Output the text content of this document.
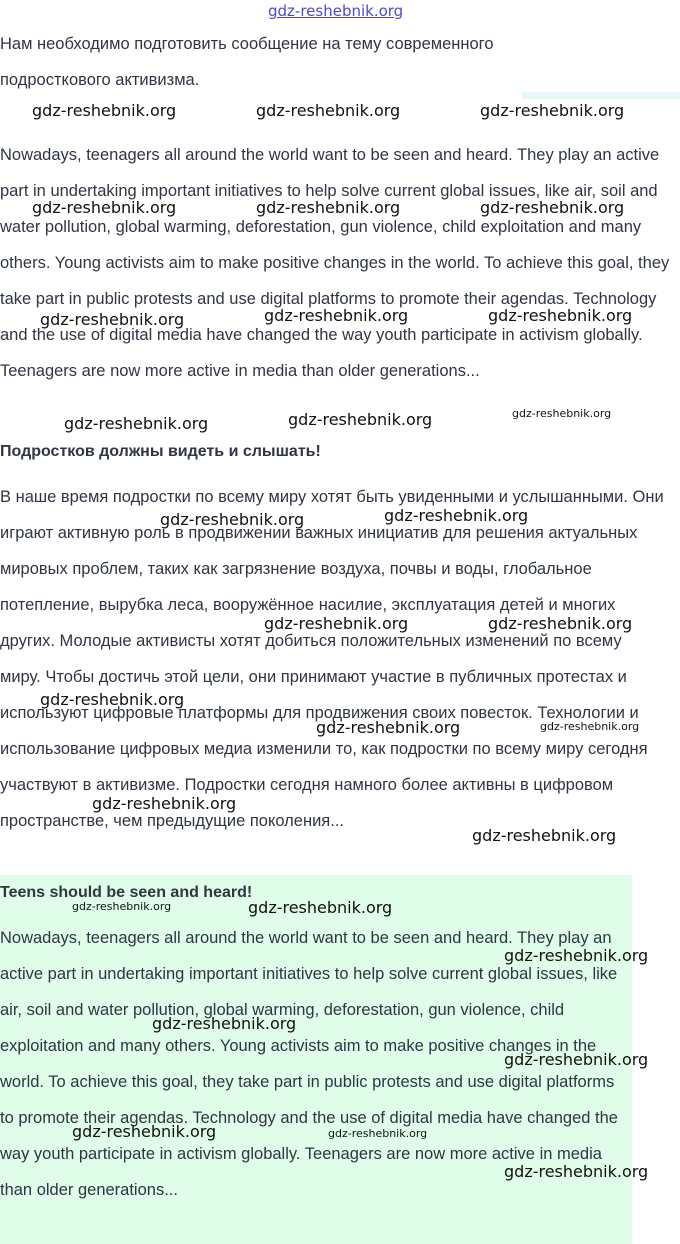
gdz-reshebnik.org

Нам необходимо подготовить сообщение на тему современного подросткового активизма.

Nowadays, teenagers all around the world want to be seen and heard. They play an active part in undertaking important initiatives to help solve current global issues, like air, soil and water pollution, global warming, deforestation, gun violence, child exploitation and many others. Young activists aim to make positive changes in the world. To achieve this goal, they take part in public protests and use digital platforms to promote their agendas. Technology and the use of digital media have changed the way youth participate in activism globally. Teenagers are now more active in media than older generations...

Подростков должны видеть и слышать!

В наше время подростки по всему миру хотят быть увиденными и услышанными. Они играют активную роль в продвижении важных инициатив для решения актуальных мировых проблем, таких как загрязнение воздуха, почвы и воды, глобальное потепление, вырубка леса, вооружённое насилие, эксплуатация детей и многих других. Молодые активисты хотят добиться положительных изменений по всему миру. Чтобы достичь этой цели, они принимают участие в публичных протестах и используют цифровые платформы для продвижения своих повесток. Технологии и использование цифровых медиа изменили то, как подростки по всему миру сегодня участвуют в активизме. Подростки сегодня намного более активны в цифровом пространстве, чем предыдущие поколения...

Teens should be seen and heard!

Nowadays, teenagers all around the world want to be seen and heard. They play an active part in undertaking important initiatives to help solve current global issues, like air, soil and water pollution, global warming, deforestation, gun violence, child exploitation and many others. Young activists aim to make positive changes in the world. To achieve this goal, they take part in public protests and use digital platforms to promote their agendas. Technology and the use of digital media have changed the way youth participate in activism globally. Teenagers are now more active in media than older generations...

gdz-reshebnik.org	gdz-reshebnik.org	gdz-reshebnik.org
gdz-reshebnik.org	gdz-reshebnik.org	gdz-reshebnik.org
gdz-reshebnik.org	gdz-reshebnik.org	gdz-reshebnik.org
gdz-reshebnik.org	gdz-reshebnik.org	gdz-reshebnik.org
gdz-reshebnik.org	gdz-reshebnik.org
gdz-reshebnik.org	gdz-reshebnik.org
gdz-reshebnik.org
gdz-reshebnik.org	gdz-reshebnik.org
gdz-reshebnik.org
gdz-reshebnik.org
gdz-reshebnik.org	gdz-reshebnik.org
gdz-reshebnik.org
gdz-reshebnik.org
gdz-reshebnik.org
gdz-reshebnik.org	gdz-reshebnik.org
gdz-reshebnik.org
